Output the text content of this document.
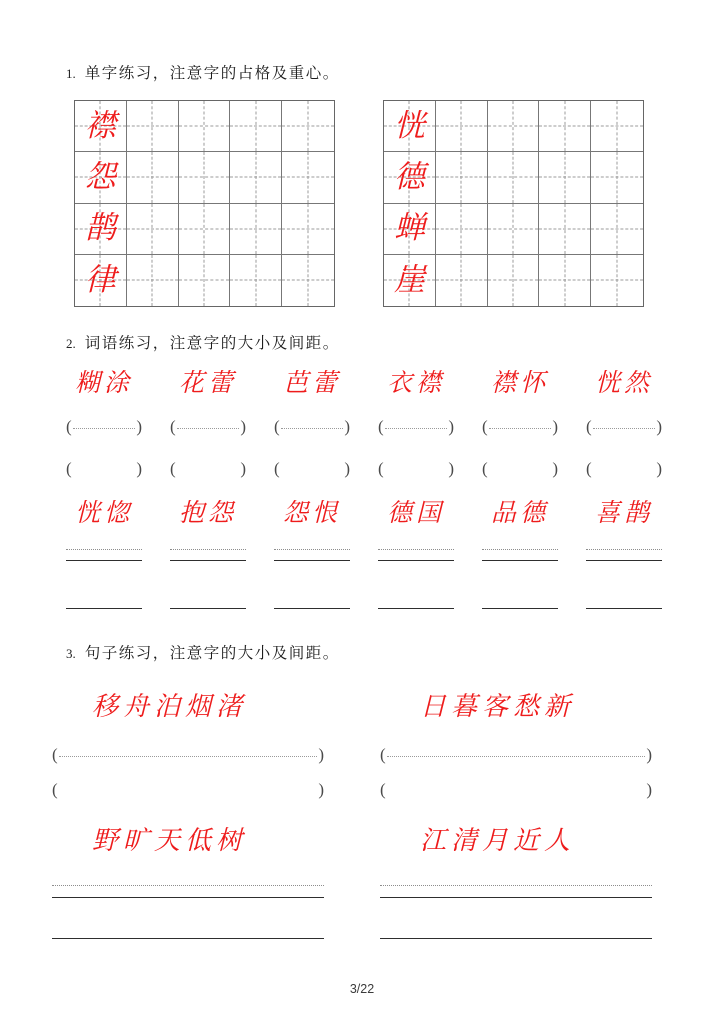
1. 单字练习，注意字的占格及重心。
襟
怨
鹊
律
恍
德
蝉
崖
2. 词语练习，注意字的大小及间距。
糊涂
(	)
(	)
花蕾
(	)
(	)
芭蕾
(	)
(	)
衣襟
(	)
(	)
襟怀
(	)
(	)
恍然
(	)
(	)
恍惚	抱怨	怨恨	德国	品德	喜鹊
3. 句子练习，注意字的大小及间距。
移舟泊烟渚
(	)
(	)
日暮客愁新
(	)
(	)
野旷天低树	江清月近人
3/22
